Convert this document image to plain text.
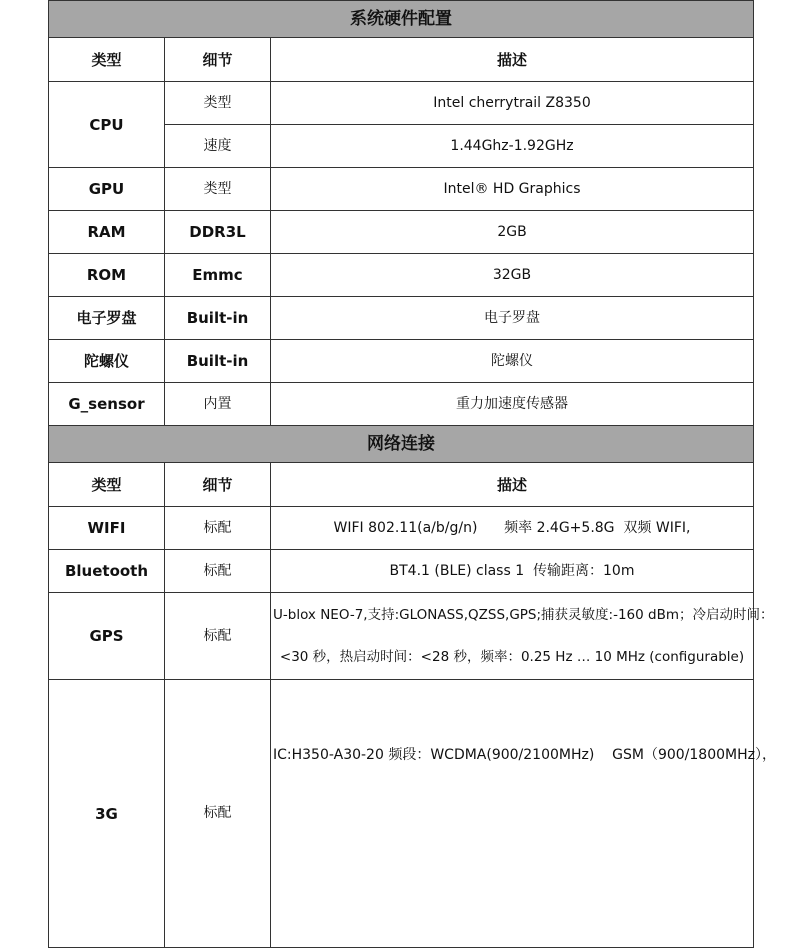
系统硬件配置		
类型	细节	描述
CPU	类型	Intel cherrytrail Z8350
	速度	1.44Ghz-1.92GHz
GPU	类型	Intel® HD Graphics
RAM	DDR3L	2GB
ROM	Emmc	32GB
电子罗盘	Built-in	电子罗盘
陀螺仪	Built-in	陀螺仪
G_sensor	内置	重力加速度传感器
网络连接		
类型	细节	描述
WIFI	标配	WIFI 802.11(a/b/g/n)      频率 2.4G+5.8G  双频 WIFI,
Bluetooth	标配	BT4.1 (BLE) class 1  传输距离：10m
GPS	标配	U-blox NEO-7,支持:GLONASS,QZSS,GPS;捕获灵敏度:-160 dBm；冷启动时间：
<30 秒，热启动时间：<28 秒，频率：0.25 Hz … 10 MHz (configurable)

3G	标配	IC:H350-A30-20 频段：WCDMA(900/2100MHz)    GSM（900/1800MHz），
